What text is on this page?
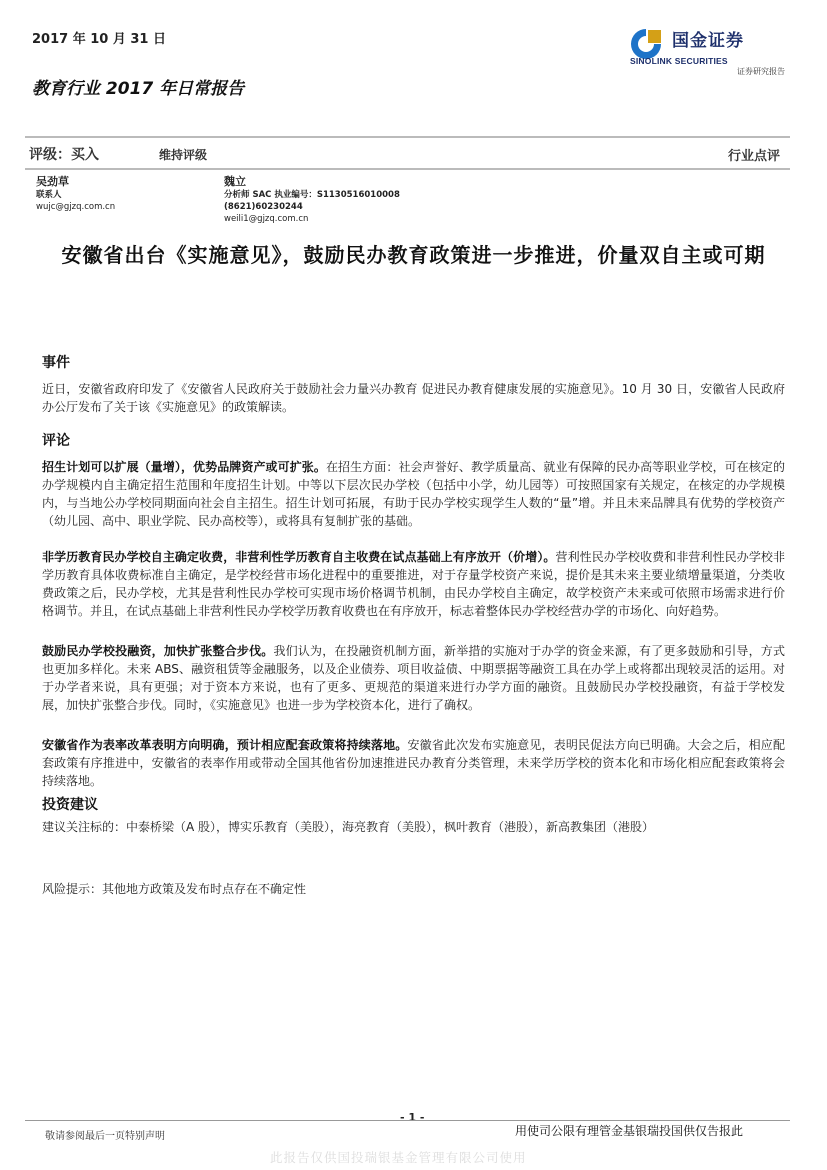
2017 年 10 月 31 日
教育行业 2017 年日常报告
国金证券
SINOLINK SECURITIES
证券研究报告
评级：买入	维持评级	行业点评
吴劲草
联系人
wujc@gjzq.com.cn
魏立
分析师 SAC 执业编号：S1130516010008
(8621)60230244
weili1@gjzq.com.cn
安徽省出台《实施意见》，鼓励民办教育政策进一步推进，价量双自主或可期
事件
近日，安徽省政府印发了《安徽省人民政府关于鼓励社会力量兴办教育 促进民办教育健康发展的实施意见》。10 月 30 日，安徽省人民政府办公厅发布了关于该《实施意见》的政策解读。
评论
招生计划可以扩展（量增），优势品牌资产或可扩张。在招生方面：社会声誉好、教学质量高、就业有保障的民办高等职业学校，可在核定的办学规模内自主确定招生范围和年度招生计划。中等以下层次民办学校（包括中小学，幼儿园等）可按照国家有关规定，在核定的办学规模内，与当地公办学校同期面向社会自主招生。招生计划可拓展，有助于民办学校实现学生人数的“量”增。并且未来品牌具有优势的学校资产（幼儿园、高中、职业学院、民办高校等），或将具有复制扩张的基础。
非学历教育民办学校自主确定收费，非营利性学历教育自主收费在试点基础上有序放开（价增）。营利性民办学校收费和非营利性民办学校非学历教育具体收费标准自主确定，是学校经营市场化进程中的重要推进，对于存量学校资产来说，提价是其未来主要业绩增量渠道，分类收费政策之后，民办学校，尤其是营利性民办学校可实现市场价格调节机制，由民办学校自主确定，故学校资产未来或可依照市场需求进行价格调节。并且，在试点基础上非营利性民办学校学历教育收费也在有序放开，标志着整体民办学校经营办学的市场化、向好趋势。
鼓励民办学校投融资，加快扩张整合步伐。我们认为，在投融资机制方面，新举措的实施对于办学的资金来源，有了更多鼓励和引导，方式也更加多样化。未来 ABS、融资租赁等金融服务，以及企业债券、项目收益债、中期票据等融资工具在办学上或将都出现较灵活的运用。对于办学者来说，具有更强；对于资本方来说，也有了更多、更规范的渠道来进行办学方面的融资。且鼓励民办学校投融资，有益于学校发展，加快扩张整合步伐。同时，《实施意见》也进一步为学校资本化，进行了确权。
安徽省作为表率改革表明方向明确，预计相应配套政策将持续落地。安徽省此次发布实施意见，表明民促法方向已明确。大会之后，相应配套政策有序推进中，安徽省的表率作用或带动全国其他省份加速推进民办教育分类管理，未来学历学校的资本化和市场化相应配套政策将会持续落地。
投资建议
建议关注标的：中泰桥梁（A 股），博实乐教育（美股），海亮教育（美股），枫叶教育（港股），新高教集团（港股）
风险提示：其他地方政策及发布时点存在不确定性
- 1 -
敬请参阅最后一页特别声明	用使司公限有理管金基银瑞投国供仅告报此
此报告仅供国投瑞银基金管理有限公司使用
